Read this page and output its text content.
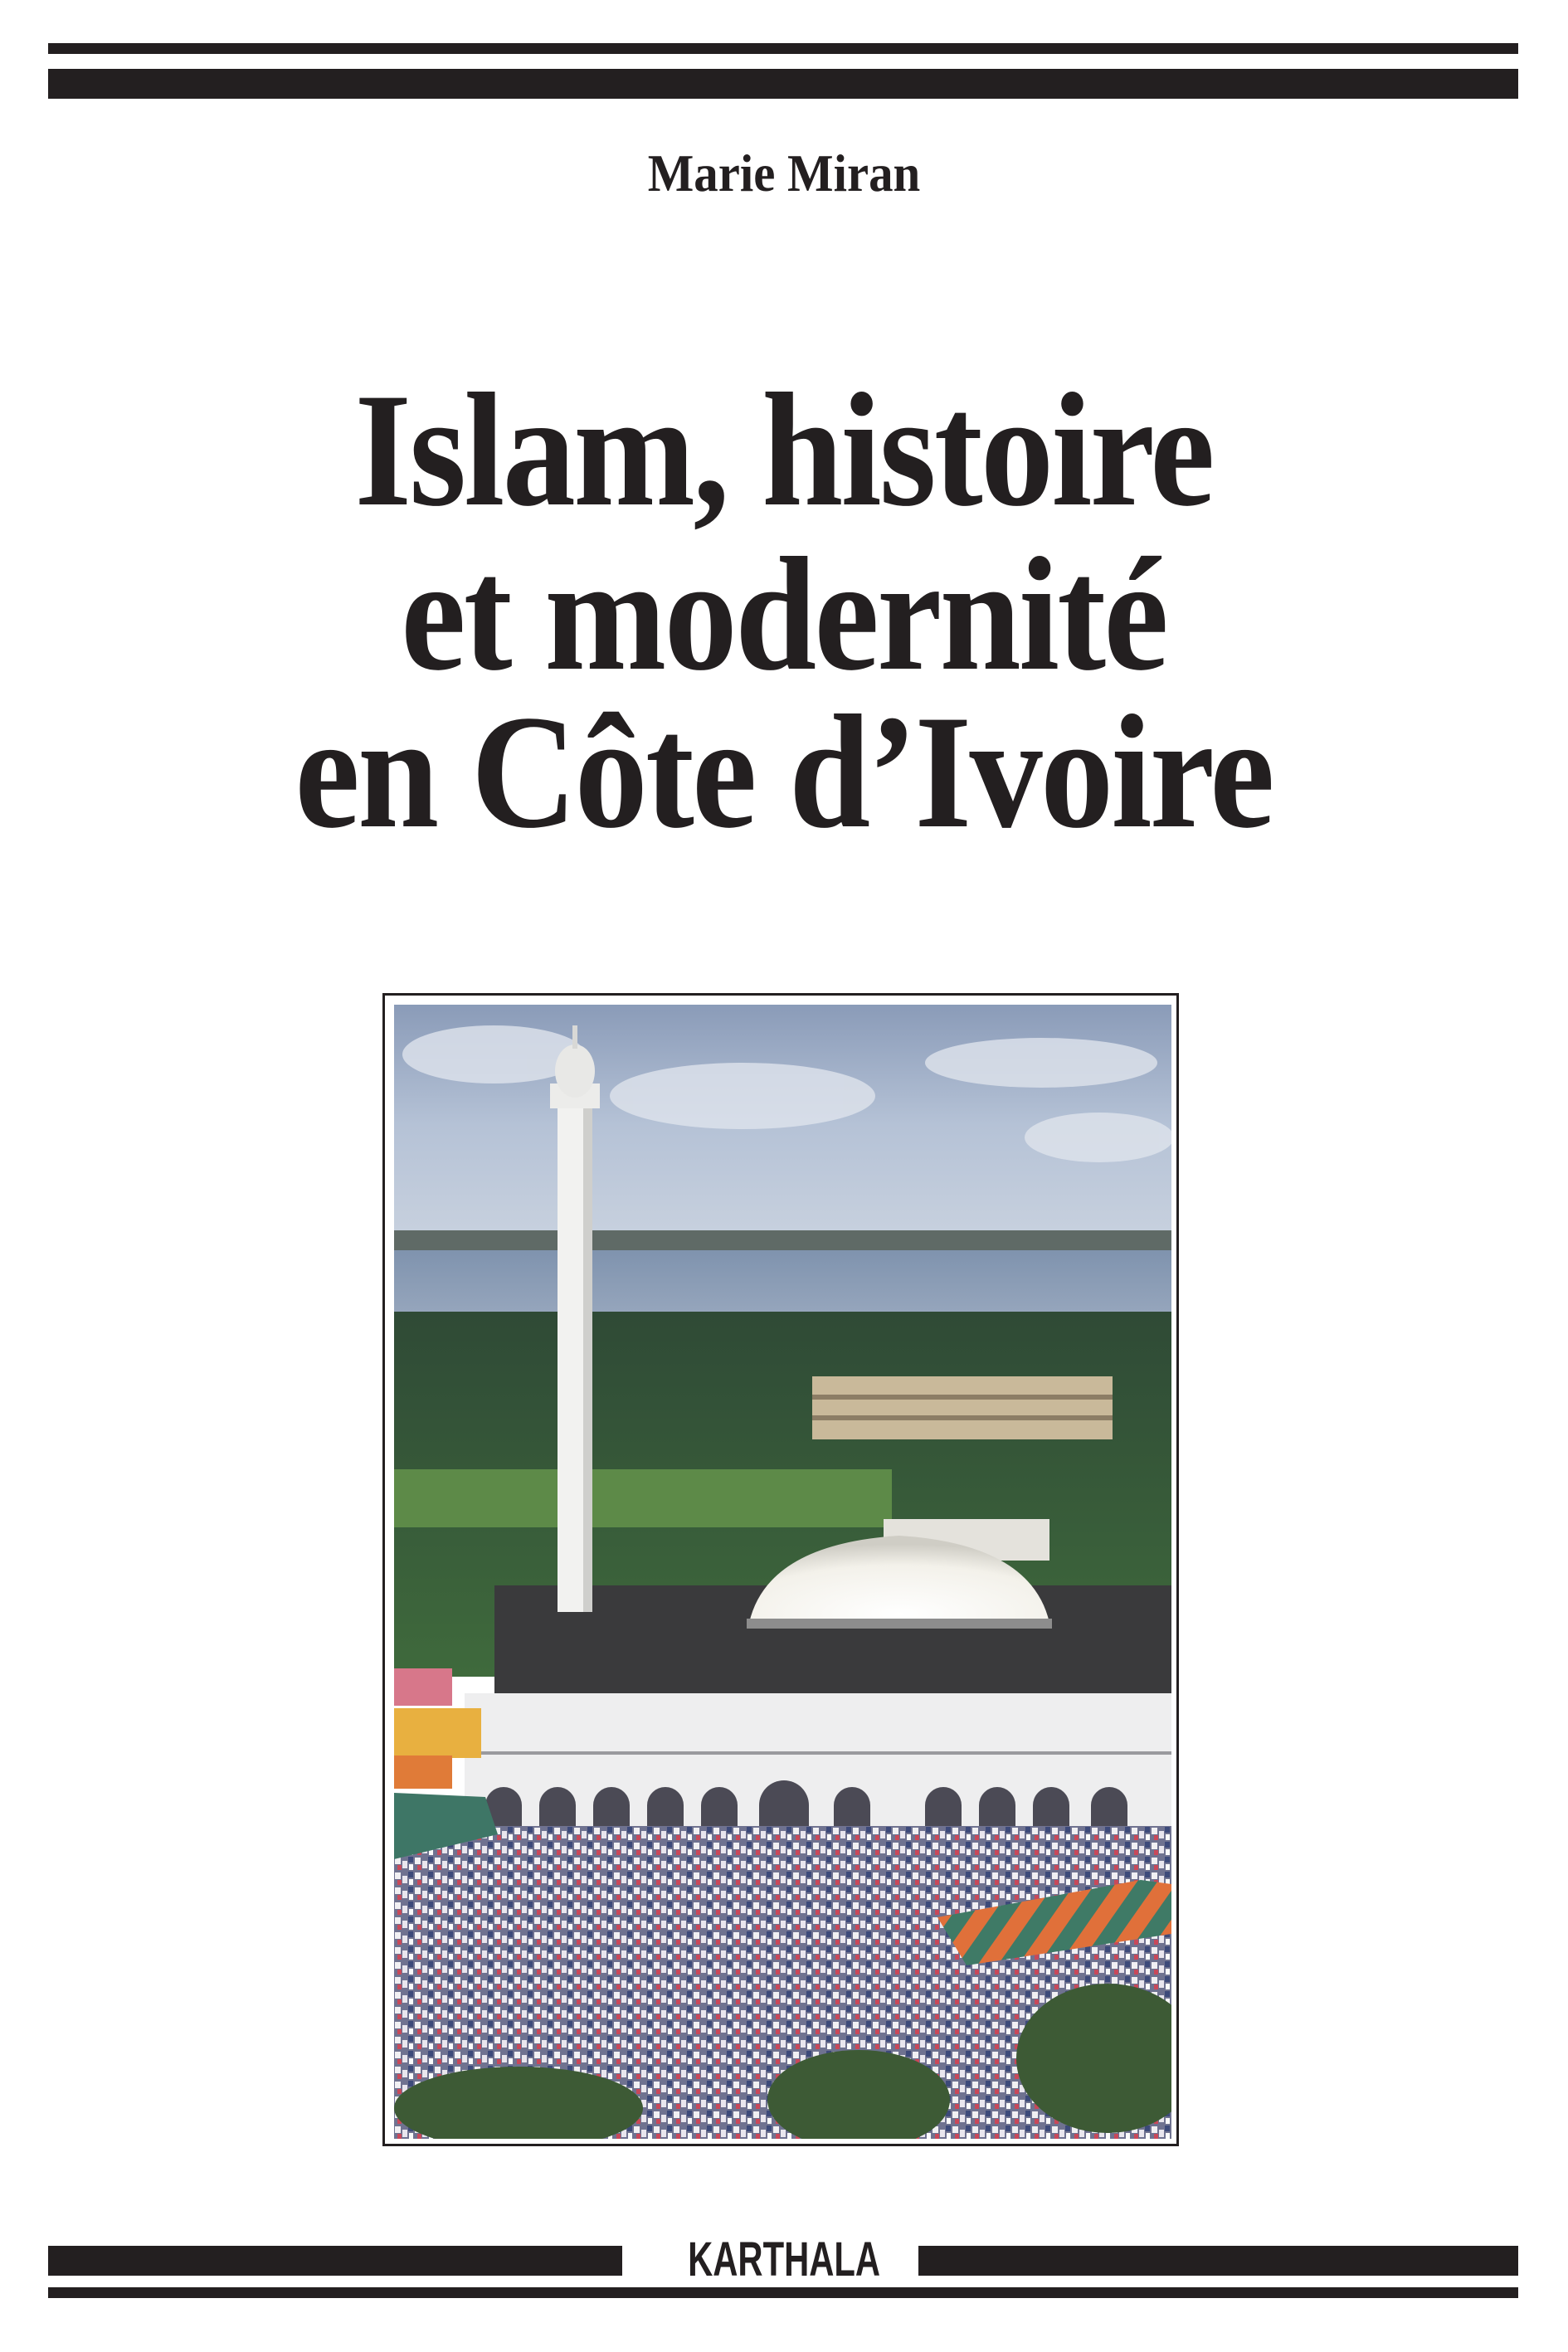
Marie Miran
Islam, histoire
et modernité
en Côte d’Ivoire
KARTHALA
